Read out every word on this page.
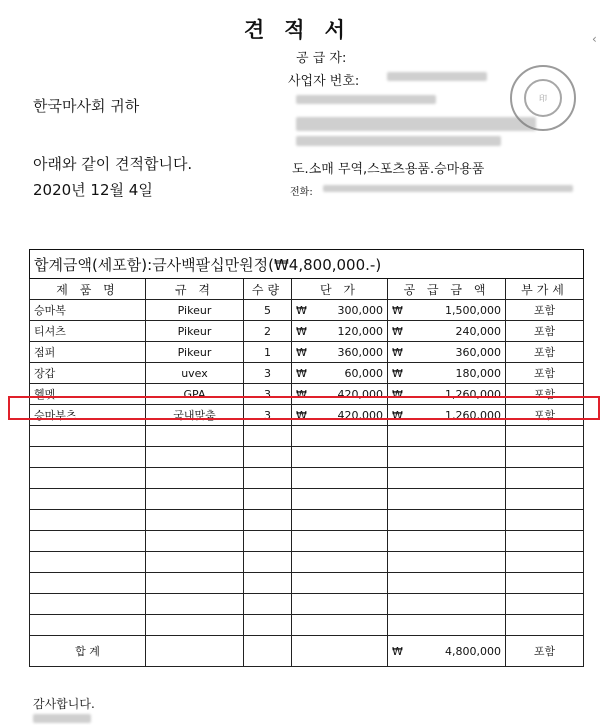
견적서	‹
공 급 자:
사업자 번호:
印
한국마사회 귀하
아래와 같이 견적합니다.
2020년 12월 4일
도.소매 무역,스포츠용품.승마용품
전화:
합계금액(세포함):금사백팔십만원정(₩4,800,000.-)					
제 품 명	규 격	수량	단 가	공 급 금 액	부가세
승마복	Pikeur	5	₩ 300,000	₩ 1,500,000	포함
티셔츠	Pikeur	2	₩ 120,000	₩ 240,000	포함
점퍼	Pikeur	1	₩ 360,000	₩ 360,000	포함
장갑	uvex	3	₩ 60,000	₩ 180,000	포함
헬멧	GPA	3	₩ 420,000	₩ 1,260,000	포함
승마부츠	국내맞춤	3	₩ 420,000	₩ 1,260,000	포함

합 계				₩ 4,800,000	포함
감사합니다.
